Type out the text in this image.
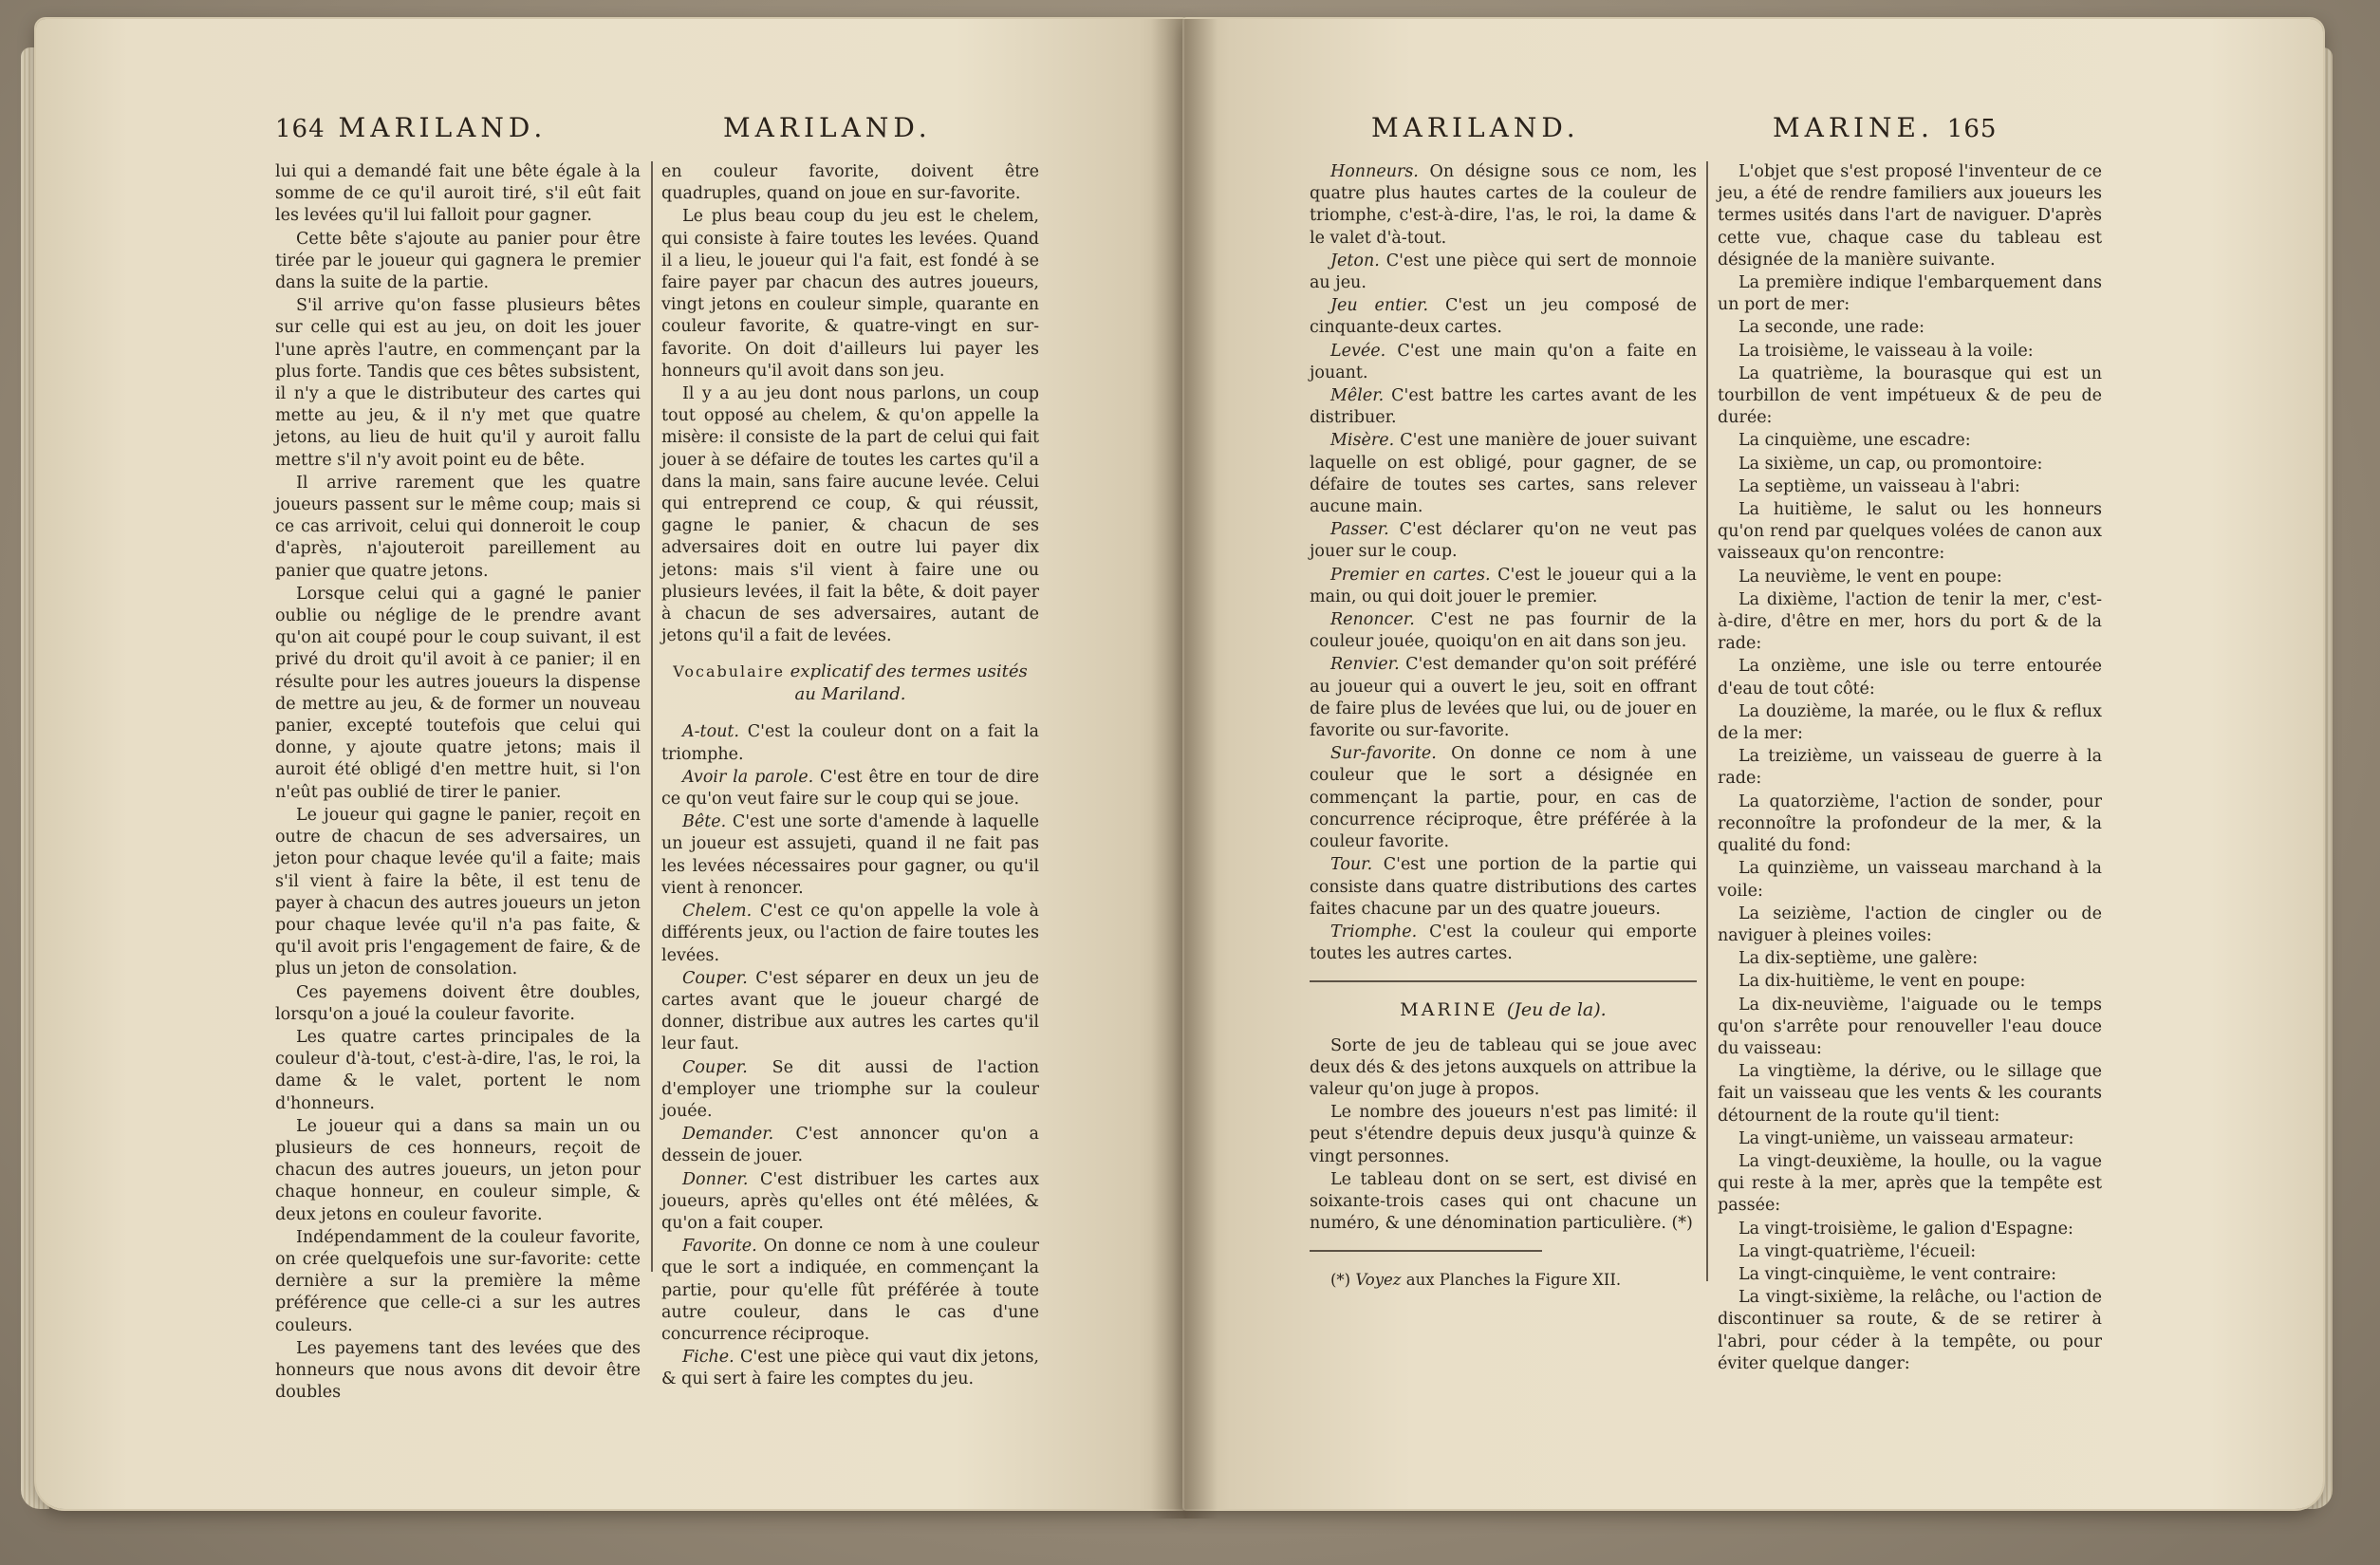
164 MARILAND.	MARILAND.	MARILAND.	MARINE. 165

lui qui a demandé fait une bête égale à la somme de ce qu'il auroit tiré, s'il eût fait les levées qu'il lui falloit pour gagner.

Cette bête s'ajoute au panier pour être tirée par le joueur qui gagnera le premier dans la suite de la partie.

S'il arrive qu'on fasse plusieurs bêtes sur celle qui est au jeu, on doit les jouer l'une après l'autre, en commençant par la plus forte. Tandis que ces bêtes subsistent, il n'y a que le distributeur des cartes qui mette au jeu, & il n'y met que quatre jetons, au lieu de huit qu'il y auroit fallu mettre s'il n'y avoit point eu de bête.

Il arrive rarement que les quatre joueurs passent sur le même coup; mais si ce cas arrivoit, celui qui donneroit le coup d'après, n'ajouteroit pareillement au panier que quatre jetons.

Lorsque celui qui a gagné le panier oublie ou néglige de le prendre avant qu'on ait coupé pour le coup suivant, il est privé du droit qu'il avoit à ce panier; il en résulte pour les autres joueurs la dispense de mettre au jeu, & de former un nouveau panier, excepté toutefois que celui qui donne, y ajoute quatre jetons; mais il auroit été obligé d'en mettre huit, si l'on n'eût pas oublié de tirer le panier.

Le joueur qui gagne le panier, reçoit en outre de chacun de ses adversaires, un jeton pour chaque levée qu'il a faite; mais s'il vient à faire la bête, il est tenu de payer à chacun des autres joueurs un jeton pour chaque levée qu'il n'a pas faite, & qu'il avoit pris l'engagement de faire, & de plus un jeton de consolation.

Ces payemens doivent être doubles, lorsqu'on a joué la couleur favorite.

Les quatre cartes principales de la couleur d'à-tout, c'est-à-dire, l'as, le roi, la dame & le valet, portent le nom d'honneurs.

Le joueur qui a dans sa main un ou plusieurs de ces honneurs, reçoit de chacun des autres joueurs, un jeton pour chaque honneur, en couleur simple, & deux jetons en couleur favorite.

Indépendamment de la couleur favorite, on crée quelquefois une sur-favorite: cette dernière a sur la première la même préférence que celle-ci a sur les autres couleurs.

Les payemens tant des levées que des honneurs que nous avons dit devoir être doubles

en couleur favorite, doivent être quadruples, quand on joue en sur-favorite.

Le plus beau coup du jeu est le chelem, qui consiste à faire toutes les levées. Quand il a lieu, le joueur qui l'a fait, est fondé à se faire payer par chacun des autres joueurs, vingt jetons en couleur simple, quarante en couleur favorite, & quatre-vingt en sur-favorite. On doit d'ailleurs lui payer les honneurs qu'il avoit dans son jeu.

Il y a au jeu dont nous parlons, un coup tout opposé au chelem, & qu'on appelle la misère: il consiste de la part de celui qui fait jouer à se défaire de toutes les cartes qu'il a dans la main, sans faire aucune levée. Celui qui entreprend ce coup, & qui réussit, gagne le panier, & chacun de ses adversaires doit en outre lui payer dix jetons: mais s'il vient à faire une ou plusieurs levées, il fait la bête, & doit payer à chacun de ses adversaires, autant de jetons qu'il a fait de levées.

Vocabulaire explicatif des termes usités au Mariland.

A-tout. C'est la couleur dont on a fait la triomphe.

Avoir la parole. C'est être en tour de dire ce qu'on veut faire sur le coup qui se joue.

Bête. C'est une sorte d'amende à laquelle un joueur est assujeti, quand il ne fait pas les levées nécessaires pour gagner, ou qu'il vient à renoncer.

Chelem. C'est ce qu'on appelle la vole à différents jeux, ou l'action de faire toutes les levées.

Couper. C'est séparer en deux un jeu de cartes avant que le joueur chargé de donner, distribue aux autres les cartes qu'il leur faut.

Couper. Se dit aussi de l'action d'employer une triomphe sur la couleur jouée.

Demander. C'est annoncer qu'on a dessein de jouer.

Donner. C'est distribuer les cartes aux joueurs, après qu'elles ont été mêlées, & qu'on a fait couper.

Favorite. On donne ce nom à une couleur que le sort a indiquée, en commençant la partie, pour qu'elle fût préférée à toute autre couleur, dans le cas d'une concurrence réciproque.

Fiche. C'est une pièce qui vaut dix jetons, & qui sert à faire les comptes du jeu.

Honneurs. On désigne sous ce nom, les quatre plus hautes cartes de la couleur de triomphe, c'est-à-dire, l'as, le roi, la dame & le valet d'à-tout.

Jeton. C'est une pièce qui sert de monnoie au jeu.

Jeu entier. C'est un jeu composé de cinquante-deux cartes.

Levée. C'est une main qu'on a faite en jouant.

Mêler. C'est battre les cartes avant de les distribuer.

Misère. C'est une manière de jouer suivant laquelle on est obligé, pour gagner, de se défaire de toutes ses cartes, sans relever aucune main.

Passer. C'est déclarer qu'on ne veut pas jouer sur le coup.

Premier en cartes. C'est le joueur qui a la main, ou qui doit jouer le premier.

Renoncer. C'est ne pas fournir de la couleur jouée, quoiqu'on en ait dans son jeu.

Renvier. C'est demander qu'on soit préféré au joueur qui a ouvert le jeu, soit en offrant de faire plus de levées que lui, ou de jouer en favorite ou sur-favorite.

Sur-favorite. On donne ce nom à une couleur que le sort a désignée en commençant la partie, pour, en cas de concurrence réciproque, être préférée à la couleur favorite.

Tour. C'est une portion de la partie qui consiste dans quatre distributions des cartes faites chacune par un des quatre joueurs.

Triomphe. C'est la couleur qui emporte toutes les autres cartes.

MARINE (Jeu de la).

Sorte de jeu de tableau qui se joue avec deux dés & des jetons auxquels on attribue la valeur qu'on juge à propos.

Le nombre des joueurs n'est pas limité: il peut s'étendre depuis deux jusqu'à quinze & vingt personnes.

Le tableau dont on se sert, est divisé en soixante-trois cases qui ont chacune un numéro, & une dénomination particulière. (*)

(*) Voyez aux Planches la Figure XII.

L'objet que s'est proposé l'inventeur de ce jeu, a été de rendre familiers aux joueurs les termes usités dans l'art de naviguer. D'après cette vue, chaque case du tableau est désignée de la manière suivante.

La première indique l'embarquement dans un port de mer:

La seconde, une rade:

La troisième, le vaisseau à la voile:

La quatrième, la bourasque qui est un tourbillon de vent impétueux & de peu de durée:

La cinquième, une escadre:

La sixième, un cap, ou promontoire:

La septième, un vaisseau à l'abri:

La huitième, le salut ou les honneurs qu'on rend par quelques volées de canon aux vaisseaux qu'on rencontre:

La neuvième, le vent en poupe:

La dixième, l'action de tenir la mer, c'est-à-dire, d'être en mer, hors du port & de la rade:

La onzième, une isle ou terre entourée d'eau de tout côté:

La douzième, la marée, ou le flux & reflux de la mer:

La treizième, un vaisseau de guerre à la rade:

La quatorzième, l'action de sonder, pour reconnoître la profondeur de la mer, & la qualité du fond:

La quinzième, un vaisseau marchand à la voile:

La seizième, l'action de cingler ou de naviguer à pleines voiles:

La dix-septième, une galère:

La dix-huitième, le vent en poupe:

La dix-neuvième, l'aiguade ou le temps qu'on s'arrête pour renouveller l'eau douce du vaisseau:

La vingtième, la dérive, ou le sillage que fait un vaisseau que les vents & les courants détournent de la route qu'il tient:

La vingt-unième, un vaisseau armateur:

La vingt-deuxième, la houlle, ou la vague qui reste à la mer, après que la tempête est passée:

La vingt-troisième, le galion d'Espagne:

La vingt-quatrième, l'écueil:

La vingt-cinquième, le vent contraire:

La vingt-sixième, la relâche, ou l'action de discontinuer sa route, & de se retirer à l'abri, pour céder à la tempête, ou pour éviter quelque danger:
